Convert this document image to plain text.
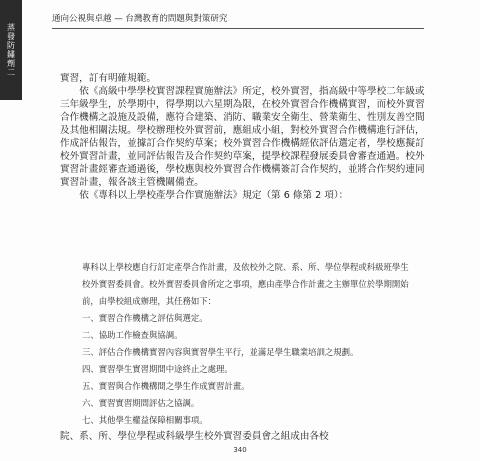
蒸發防鏽劑二
通向公視與卓越 — 台灣教育的問題與對策研究

實習，訂有明確規範。

依《高級中學學校實習課程實施辦法》所定，校外實習，指高級中等學校二年級或三年級學生，於學期中，得學期以六星期為限，在校外實習合作機構實習，而校外實習合作機構之設施及設備，應符合建築、消防、職業安全衛生、營業衛生、性別友善空間及其他相關法規。學校辦理校外實習前，應組成小組，對校外實習合作機構進行評估，作成評估報告，並據訂合作契約草案；校外實習合作機構經依評估選定者，學校應擬訂校外實習計畫，並同評估報告及合作契約草案，提學校課程發展委員會審查通過。校外實習計畫經審查通過後，學校應與校外實習合作機構簽訂合作契約，並將合作契約連同實習計畫，報各該主管機關備查。

依《專科以上學校產學合作實施辦法》規定（第 6 條第 2 項）：

專科以上學校應自行訂定產學合作計畫，及依校外之院、系、所、學位學程或科級班學生校外實習委員會。校外實習委員會所定之事項，應由產學合作計畫之主辦單位於學期開始前，由學校組成辦理，其任務如下：

一、實習合作機構之評估與選定。

二、協助工作檢查與協調。

三、評估合作機構實習內容與實習學生平行，並滿足學生職業培訓之規劃。

四、實習學生實習期間中途終止之處理。

五、實習與合作機構間之學生作成實習計畫。

六、實習實習期間評估之協調。

七、其他學生權益保障相關事項。

院、系、所、學位學程或科級學生校外實習委員會之組成由各校
340
